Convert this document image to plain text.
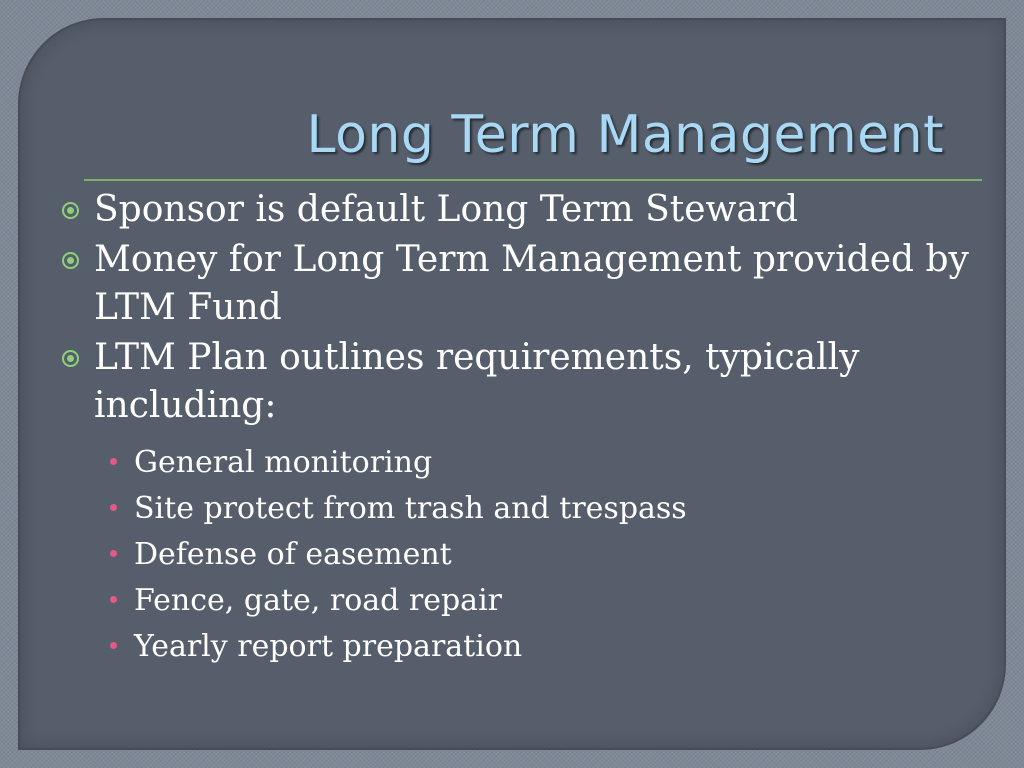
Long Term Management
Sponsor is default Long Term Steward
Money for Long Term Management provided by LTM Fund
LTM Plan outlines requirements, typically including:
General monitoring
Site protect from trash and trespass
Defense of easement
Fence, gate, road repair
Yearly report preparation
